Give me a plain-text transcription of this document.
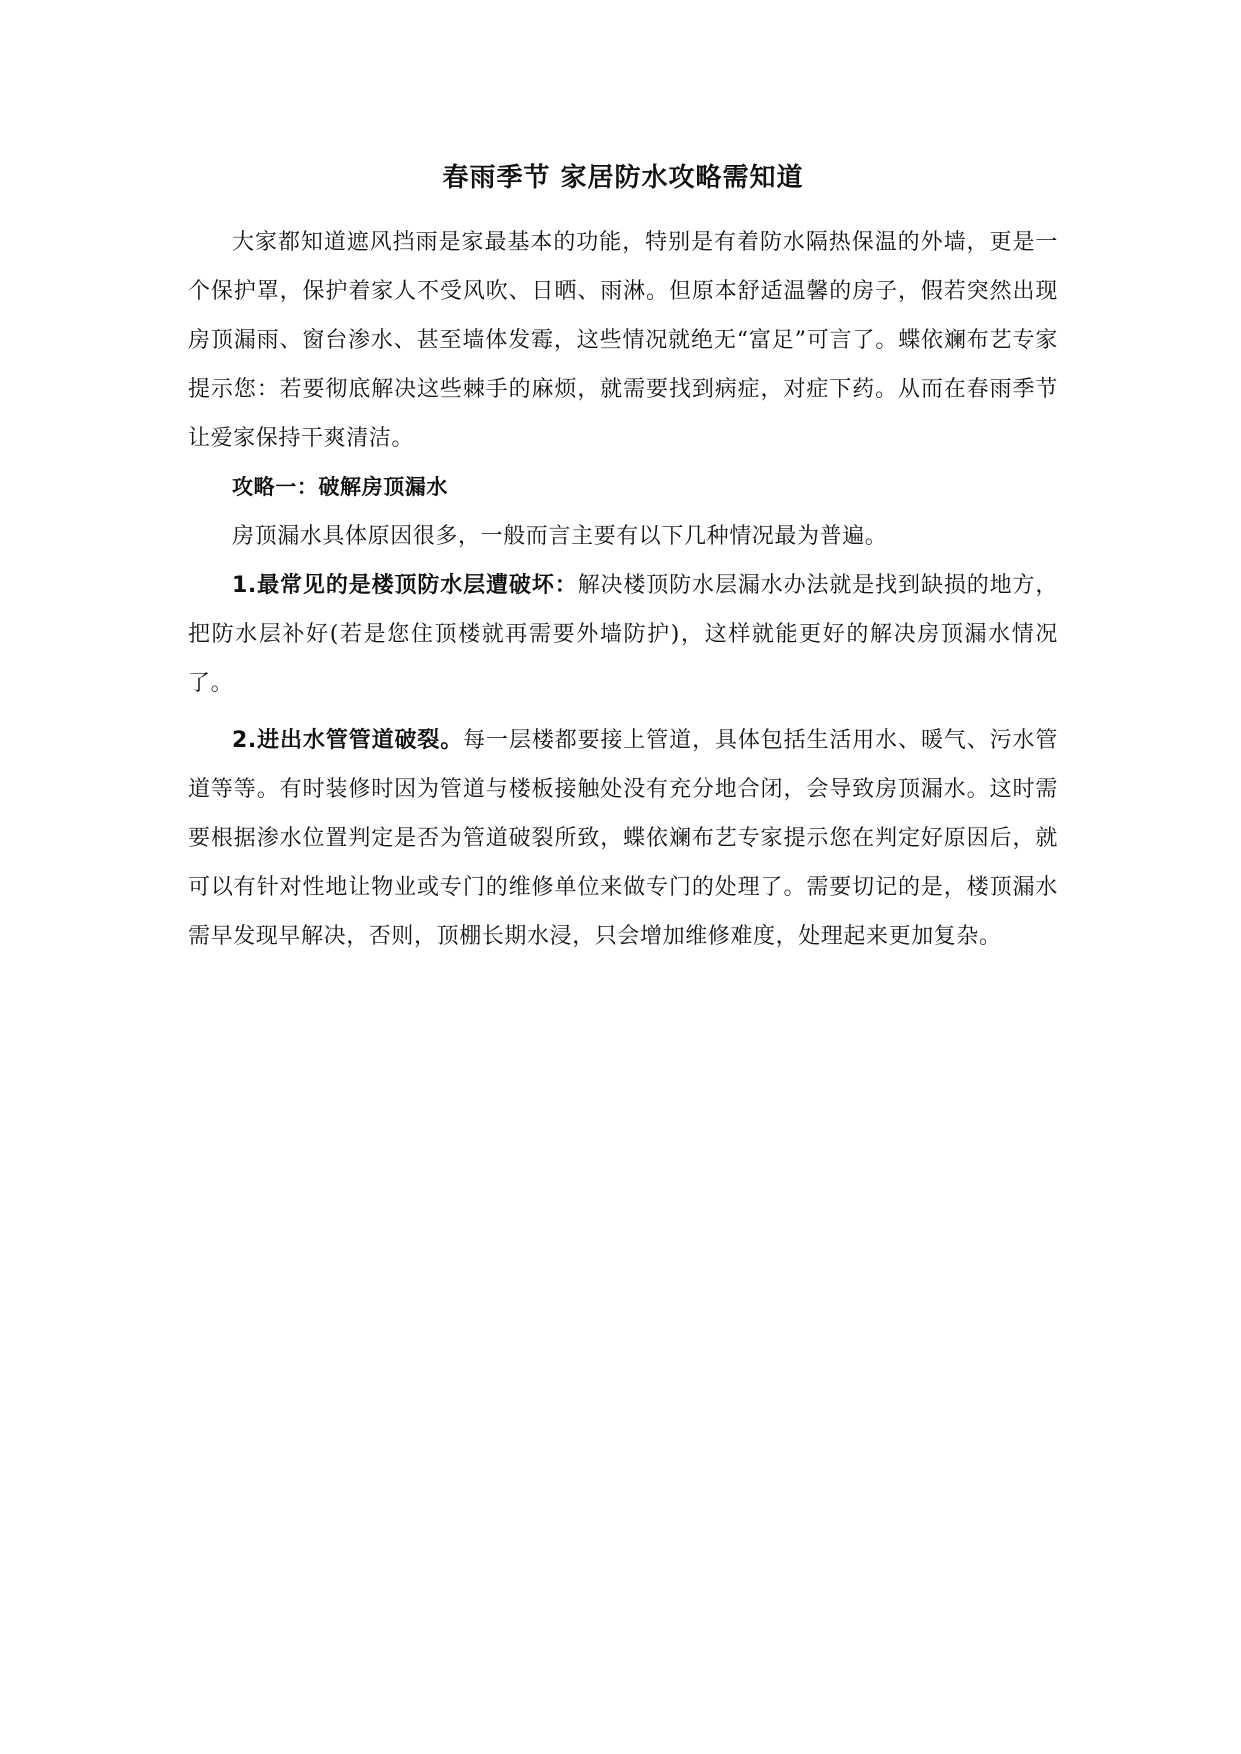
春雨季节 家居防水攻略需知道

大家都知道遮风挡雨是家最基本的功能，特别是有着防水隔热保温的外墙，更是一个保护罩，保护着家人不受风吹、日晒、雨淋。但原本舒适温馨的房子，假若突然出现房顶漏雨、窗台渗水、甚至墙体发霉，这些情况就绝无“富足”可言了。蝶依斓布艺专家提示您：若要彻底解决这些棘手的麻烦，就需要找到病症，对症下药。从而在春雨季节让爱家保持干爽清洁。

攻略一：破解房顶漏水

房顶漏水具体原因很多，一般而言主要有以下几种情况最为普遍。

1.最常见的是楼顶防水层遭破坏：解决楼顶防水层漏水办法就是找到缺损的地方，把防水层补好(若是您住顶楼就再需要外墙防护)，这样就能更好的解决房顶漏水情况了。

2.进出水管管道破裂。每一层楼都要接上管道，具体包括生活用水、暖气、污水管道等等。有时装修时因为管道与楼板接触处没有充分地合闭，会导致房顶漏水。这时需要根据渗水位置判定是否为管道破裂所致，蝶依斓布艺专家提示您在判定好原因后，就可以有针对性地让物业或专门的维修单位来做专门的处理了。需要切记的是，楼顶漏水需早发现早解决，否则，顶棚长期水浸，只会增加维修难度，处理起来更加复杂。
